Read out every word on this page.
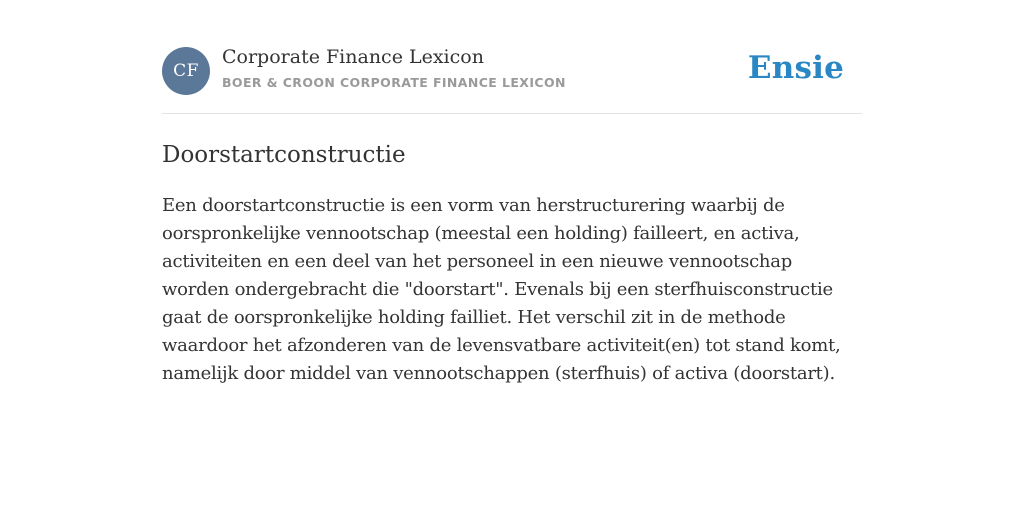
CF
Corporate Finance Lexicon
BOER & CROON CORPORATE FINANCE LEXICON	Ensie
Doorstartconstructie

Een doorstartconstructie is een vorm van herstructurering waarbij de oorspronkelijke vennootschap (meestal een holding) failleert, en activa, activiteiten en een deel van het personeel in een nieuwe vennootschap worden ondergebracht die "doorstart". Evenals bij een sterfhuisconstructie gaat de oorspronkelijke holding failliet. Het verschil zit in de methode waardoor het afzonderen van de levensvatbare activiteit(en) tot stand komt, namelijk door middel van vennootschappen (sterfhuis) of activa (doorstart).
